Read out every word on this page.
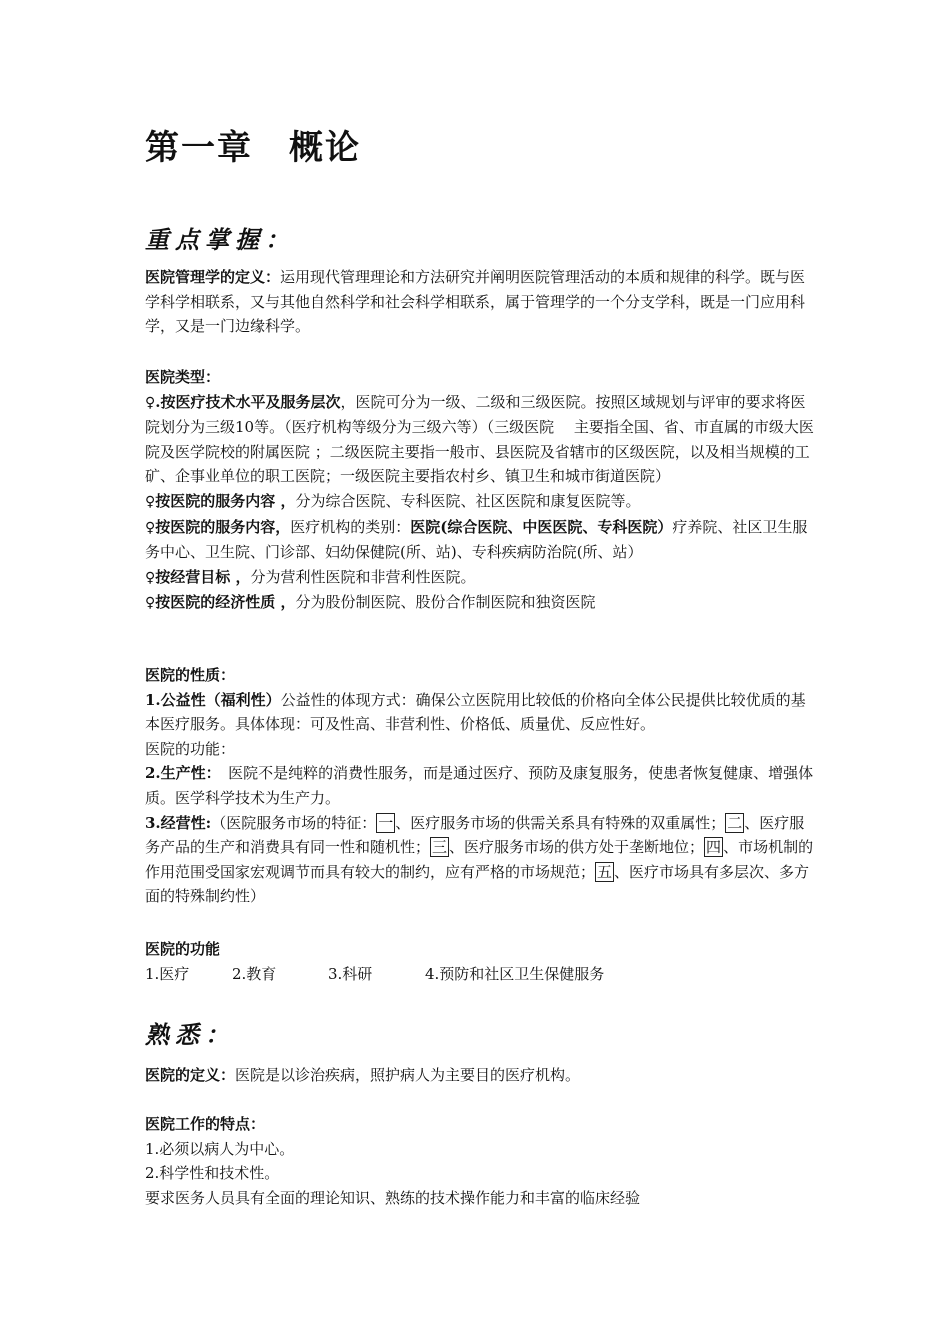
第一章 概论
重点掌握：

医院管理学的定义：运用现代管理理论和方法研究并阐明医院管理活动的本质和规律的科学。既与医学科学相联系，又与其他自然科学和社会科学相联系，属于管理学的一个分支学科，既是一门应用科学，又是一门边缘科学。

医院类型：

♀.按医疗技术水平及服务层次，医院可分为一级、二级和三级医院。按照区域规划与评审的要求将医院划分为三级10等。（医疗机构等级分为三级六等）（三级医院　 主要指全国、省、市直属的市级大医院及医学院校的附属医院 ；二级医院主要指一般市、县医院及省辖市的区级医院，以及相当规模的工矿、企事业单位的职工医院；一级医院主要指农村乡、镇卫生和城市街道医院）

♀按医院的服务内容 ，分为综合医院、专科医院、社区医院和康复医院等。

♀按医院的服务内容，医疗机构的类别：医院(综合医院、中医医院、专科医院）疗养院、社区卫生服务中心、卫生院、门诊部、妇幼保健院(所、站)、专科疾病防治院(所、站）

♀按经营目标 ，分为营利性医院和非营利性医院。

♀按医院的经济性质 ，分为股份制医院、股份合作制医院和独资医院

医院的性质：

1.公益性（福利性）公益性的体现方式：确保公立医院用比较低的价格向全体公民提供比较优质的基本医疗服务。具体体现：可及性高、非营利性、价格低、质量优、反应性好。

医院的功能：

2.生产性：　医院不是纯粹的消费性服务，而是通过医疗、预防及康复服务，使患者恢复健康、增强体质。医学科学技术为生产力。

3.经营性:（医院服务市场的特征： 一 、医疗服务市场的供需关系具有特殊的双重属性； 二 、医疗服务产品的生产和消费具有同一性和随机性； 三 、医疗服务市场的供方处于垄断地位； 四 、市场机制的作用范围受国家宏观调节而具有较大的制约，应有严格的市场规范； 五 、医疗市场具有多层次、多方面的特殊制约性）

医院的功能

1.医疗	2.教育	3.科研	4.预防和社区卫生保健服务

熟悉：

医院的定义：医院是以诊治疾病，照护病人为主要目的医疗机构。

医院工作的特点：

1.必须以病人为中心。

2.科学性和技术性。

要求医务人员具有全面的理论知识、熟练的技术操作能力和丰富的临床经验
